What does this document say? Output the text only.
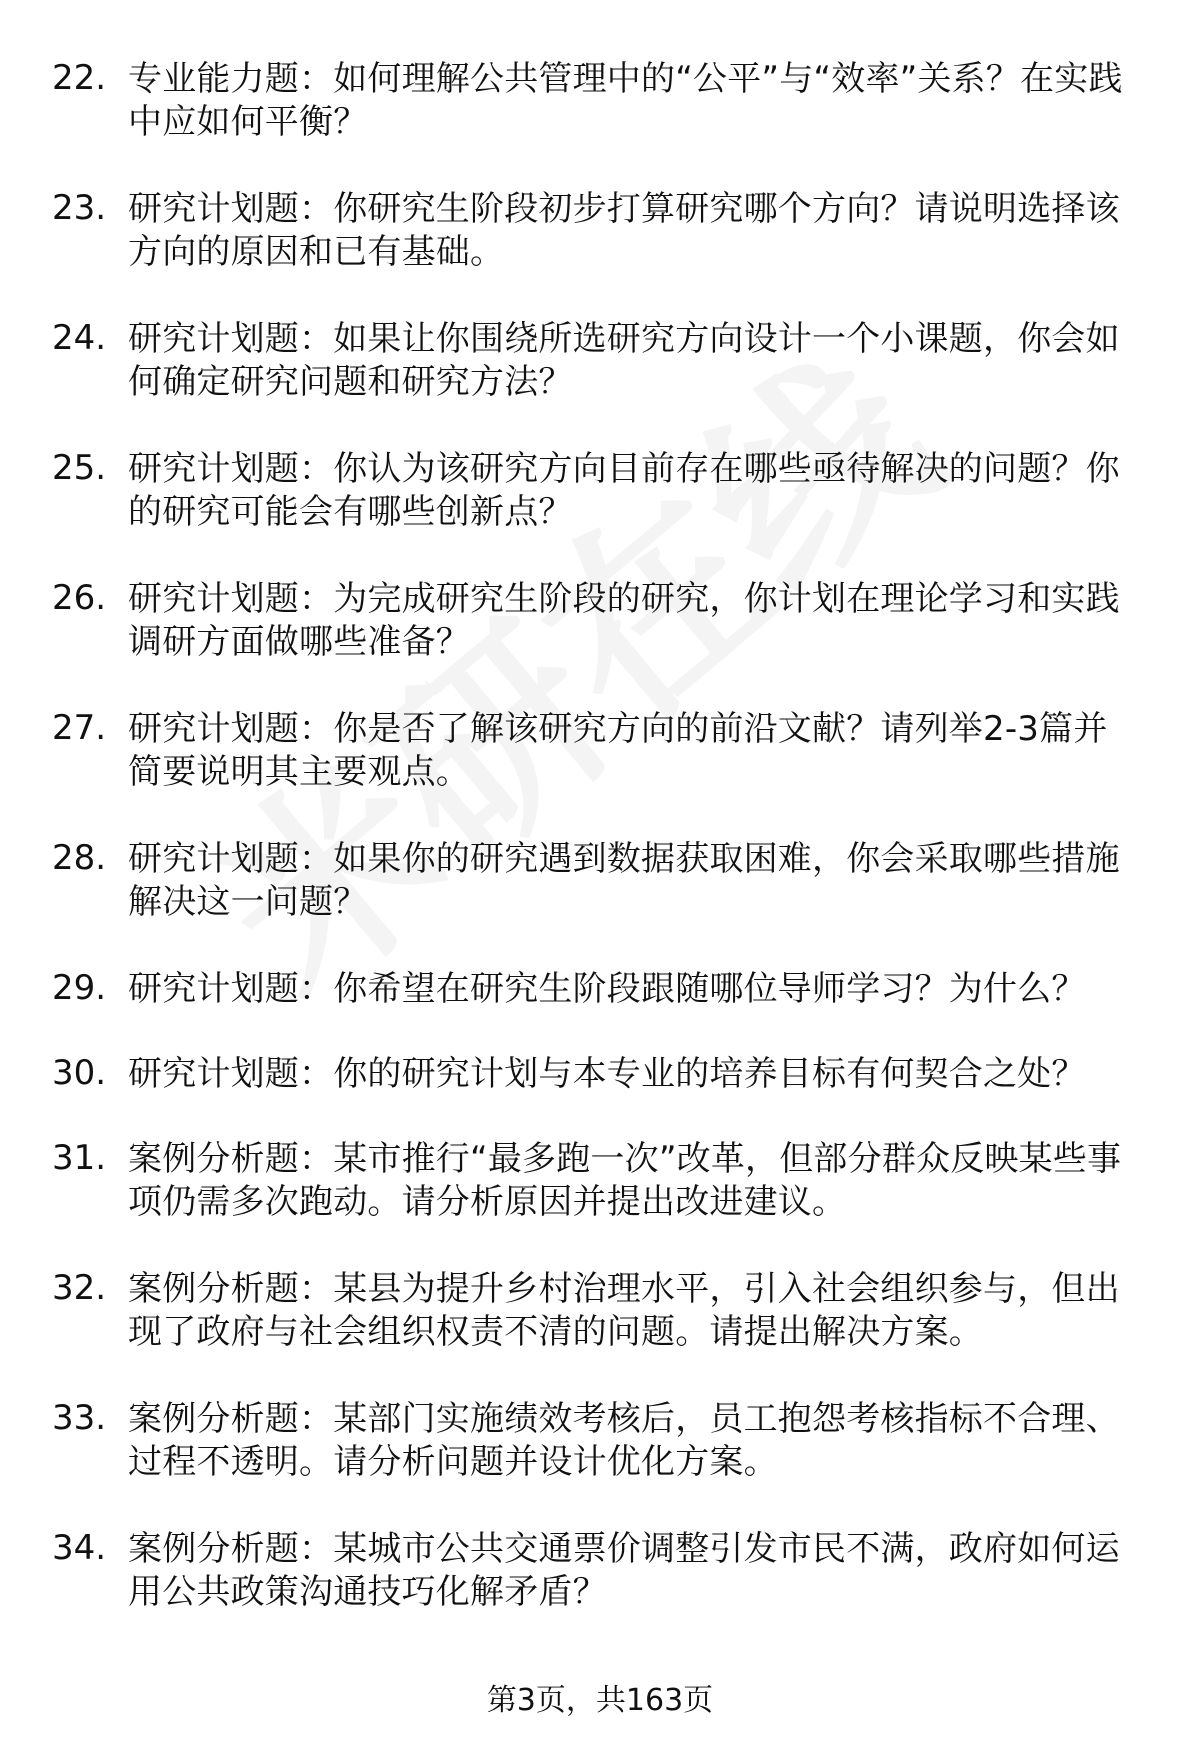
22. 专业能力题：如何理解公共管理中的“公平”与“效率”关系？在实践中应如何平衡？
23. 研究计划题：你研究生阶段初步打算研究哪个方向？请说明选择该方向的原因和已有基础。
24. 研究计划题：如果让你围绕所选研究方向设计一个小课题，你会如何确定研究问题和研究方法？
25. 研究计划题：你认为该研究方向目前存在哪些亟待解决的问题？你的研究可能会有哪些创新点？
26. 研究计划题：为完成研究生阶段的研究，你计划在理论学习和实践调研方面做哪些准备？
27. 研究计划题：你是否了解该研究方向的前沿文献？请列举2-3篇并简要说明其主要观点。
28. 研究计划题：如果你的研究遇到数据获取困难，你会采取哪些措施解决这一问题？
29. 研究计划题：你希望在研究生阶段跟随哪位导师学习？为什么？
30. 研究计划题：你的研究计划与本专业的培养目标有何契合之处？
31. 案例分析题：某市推行“最多跑一次”改革，但部分群众反映某些事项仍需多次跑动。请分析原因并提出改进建议。
32. 案例分析题：某县为提升乡村治理水平，引入社会组织参与，但出现了政府与社会组织权责不清的问题。请提出解决方案。
33. 案例分析题：某部门实施绩效考核后，员工抱怨考核指标不合理、过程不透明。请分析问题并设计优化方案。
34. 案例分析题：某城市公共交通票价调整引发市民不满，政府如何运用公共政策沟通技巧化解矛盾？
第3页，共163页
